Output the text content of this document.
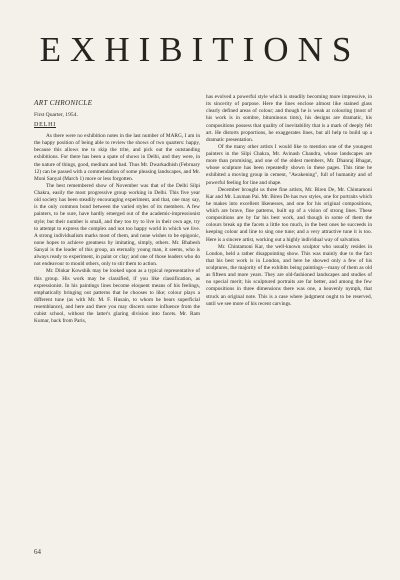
EXHIBITIONS

ART CHRONICLE

First Quarter, 1954.

DELHI

As there were no exhibition notes in the last number of MARG, I am in the happy position of being able to review the shows of two quarters: happy, because this allows me to skip the trite, and pick out the outstanding exhibitions. For there has been a spate of shows in Delhi, and they were, in the nature of things, good, medium and bad. Thus Mr. Dwarkadhish (February 12) can be passed with a commendation of some pleasing landscapes, and Mr. Moni Sanyal (March 1) more or less forgotten.

The best remembered show of November was that of the Delhi Silpi Chakra, easily the most progressive group working in Delhi. This five year old society has been steadily encouraging experiment, and that, one may say, is the only common bond between the varied styles of its members. A few painters, to be sure, have hardly emerged out of the academic-impressionist style; but their number is small, and they too try to live in their own age, try to attempt to express the complex and not too happy world in which we live. A strong individualism marks most of them, and none wishes to be epigonic, none hopes to achieve greatness by imitating, simply, others. Mr. Bhabesh Sanyal is the leader of this group, an eternally young man, it seems, who is always ready to experiment, in paint or clay; and one of those leaders who do not endeavour to mould others, only to stir them to action.

Mr. Dinkar Kowshik may be looked upon as a typical representative of this group. His work may be classified, if you like classification, as expressionist. In his paintings lines become eloquent means of his feelings, emphatically bringing out patterns that he chooses to like; colour plays a different tune (as with Mr. M. F. Husain, to whom he bears superficial resemblance), and here and there you may discern some influence from the cubist school, without the latter's glaring division into facets. Mr. Ram Kumar, back from Paris,

has evolved a powerful style which is steadily becoming more impressive, in its sincerity of purpose. Here the lines enclose almost like stained glass clearly defined areas of colour; and though he is weak at colouring (most of his work is in sombre, bituminous tints), his designs are dramatic, his compositions possess that quality of inevitability that is a mark of deeply felt art. He distorts proportions, he exaggerates lines, but all help to build up a dramatic presentation.

Of the many other artists I would like to mention one of the youngest painters in the Silpi Chakra, Mr. Avinash Chandra, whose landscapes are more than promising, and one of the oldest members, Mr. Dhanraj Bhagat, whose sculpture has been repeatedly shown in these pages. This time he exhibited a moving group in cement, "Awakening", full of humanity and of powerful feeling for line and shape.

December brought us three fine artists, Mr. Biren De, Mr. Chintamoni Kar and Mr. Laxman Pai. Mr. Biren De has two styles, one for portraits which he makes into excellent likenesses, and one for his original compositions, which are brave, fine patterns, built up of a vision of strong lines. These compositions are by far his best work, and though in some of them the colours break up the facets a little too much, in the best ones he succeeds in keeping colour and line to sing one tune; and a very attractive tune it is too. Here is a sincere artist, working out a highly individual way of salvation.

Mr. Chintamoni Kar, the well-known sculptor who usually resides in London, held a rather disappointing show. This was mainly due to the fact that his best work is in London, and here he showed only a few of his sculptures, the majority of the exhibits being paintings—many of them as old as fifteen and more years. They are old-fashioned landscapes and studies of no special merit; his sculptured portraits are far better, and among the few compositions in three dimensions there was one, a heavenly nymph, that struck an original note. This is a case where judgment ought to be reserved, until we see more of his recent carvings.

64
